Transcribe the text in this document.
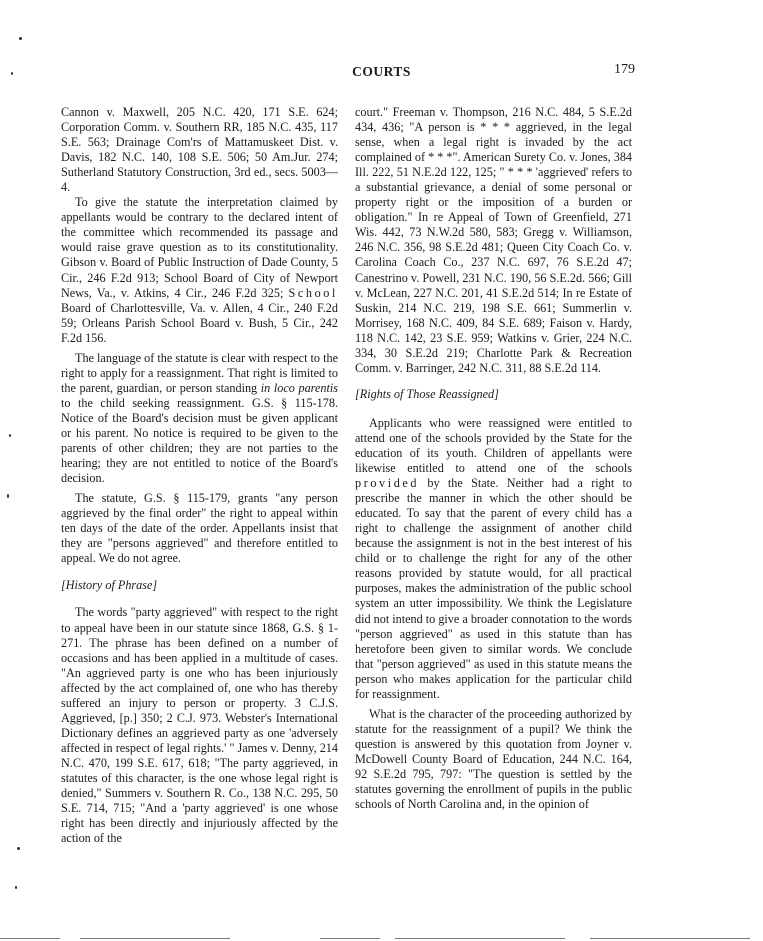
COURTS	179

Cannon v. Maxwell, 205 N.C. 420, 171 S.E. 624; Corporation Comm. v. Southern RR, 185 N.C. 435, 117 S.E. 563; Drainage Com'rs of Mattamuskeet Dist. v. Davis, 182 N.C. 140, 108 S.E. 506; 50 Am.Jur. 274; Sutherland Statutory Construction, 3rd ed., secs. 5003—4.

To give the statute the interpretation claimed by appellants would be contrary to the declared intent of the committee which recommended its passage and would raise grave question as to its constitutionality. Gibson v. Board of Public Instruction of Dade County, 5 Cir., 246 F.2d 913; School Board of City of Newport News, Va., v. Atkins, 4 Cir., 246 F.2d 325; School Board of Charlottesville, Va. v. Allen, 4 Cir., 240 F.2d 59; Orleans Parish School Board v. Bush, 5 Cir., 242 F.2d 156.

The language of the statute is clear with respect to the right to apply for a reassignment. That right is limited to the parent, guardian, or person standing in loco parentis to the child seeking reassignment. G.S. § 115-178. Notice of the Board's decision must be given applicant or his parent. No notice is required to be given to the parents of other children; they are not parties to the hearing; they are not entitled to notice of the Board's decision.

The statute, G.S. § 115-179, grants "any person aggrieved by the final order" the right to appeal within ten days of the date of the order. Appellants insist that they are "persons aggrieved" and therefore entitled to appeal. We do not agree.

[History of Phrase]

The words "party aggrieved" with respect to the right to appeal have been in our statute since 1868, G.S. § 1-271. The phrase has been defined on a number of occasions and has been applied in a multitude of cases. "An aggrieved party is one who has been injuriously affected by the act complained of, one who has thereby suffered an injury to person or property. 3 C.J.S. Aggrieved, [p.] 350; 2 C.J. 973. Webster's International Dictionary defines an aggrieved party as one 'adversely affected in respect of legal rights.' " James v. Denny, 214 N.C. 470, 199 S.E. 617, 618; "The party aggrieved, in statutes of this character, is the one whose legal right is denied," Summers v. Southern R. Co., 138 N.C. 295, 50 S.E. 714, 715; "And a 'party aggrieved' is one whose right has been directly and injuriously affected by the action of the

court." Freeman v. Thompson, 216 N.C. 484, 5 S.E.2d 434, 436; "A person is * * * aggrieved, in the legal sense, when a legal right is invaded by the act complained of * * *". American Surety Co. v. Jones, 384 Ill. 222, 51 N.E.2d 122, 125; " * * * 'aggrieved' refers to a substantial grievance, a denial of some personal or property right or the imposition of a burden or obligation." In re Appeal of Town of Greenfield, 271 Wis. 442, 73 N.W.2d 580, 583; Gregg v. Williamson, 246 N.C. 356, 98 S.E.2d 481; Queen City Coach Co. v. Carolina Coach Co., 237 N.C. 697, 76 S.E.2d 47; Canestrino v. Powell, 231 N.C. 190, 56 S.E.2d. 566; Gill v. McLean, 227 N.C. 201, 41 S.E.2d 514; In re Estate of Suskin, 214 N.C. 219, 198 S.E. 661; Summerlin v. Morrisey, 168 N.C. 409, 84 S.E. 689; Faison v. Hardy, 118 N.C. 142, 23 S.E. 959; Watkins v. Grier, 224 N.C. 334, 30 S.E.2d 219; Charlotte Park & Recreation Comm. v. Barringer, 242 N.C. 311, 88 S.E.2d 114.

[Rights of Those Reassigned]

Applicants who were reassigned were entitled to attend one of the schools provided by the State for the education of its youth. Children of appellants were likewise entitled to attend one of the schools provided by the State. Neither had a right to prescribe the manner in which the other should be educated. To say that the parent of every child has a right to challenge the assignment of another child because the assignment is not in the best interest of his child or to challenge the right for any of the other reasons provided by statute would, for all practical purposes, makes the administration of the public school system an utter impossibility. We think the Legislature did not intend to give a broader connotation to the words "person aggrieved" as used in this statute than has heretofore been given to similar words. We conclude that "person aggrieved" as used in this statute means the person who makes application for the particular child for reassignment.

What is the character of the proceeding authorized by statute for the reassignment of a pupil? We think the question is answered by this quotation from Joyner v. McDowell County Board of Education, 244 N.C. 164, 92 S.E.2d 795, 797: "The question is settled by the statutes governing the enrollment of pupils in the public schools of North Carolina and, in the opinion of
